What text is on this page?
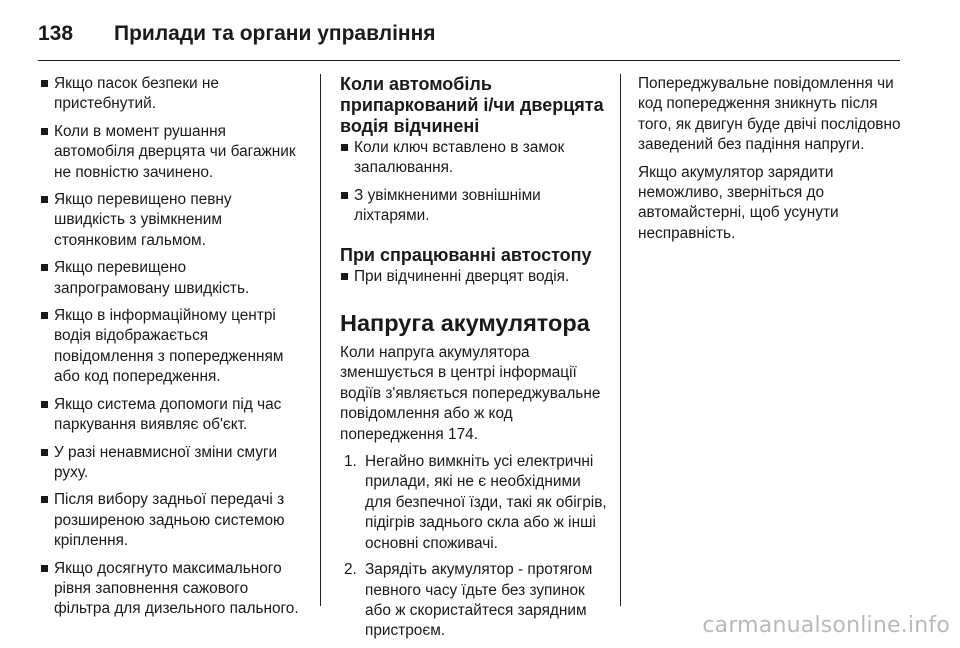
138	Прилади та органи управління
Якщо пасок безпеки не пристебнутий.
Коли в момент рушання автомобіля дверцята чи багажник не повністю зачинено.
Якщо перевищено певну швидкість з увімкненим стоянковим гальмом.
Якщо перевищено запрограмовану швидкість.
Якщо в інформаційному центрі водія відображається повідомлення з попередженням або код попередження.
Якщо система допомоги під час паркування виявляє об'єкт.
У разі ненавмисної зміни смуги руху.
Після вибору задньої передачі з розширеною задньою системою кріплення.
Якщо досягнуто максимального рівня заповнення сажового фільтра для дизельного пального.
Коли автомобіль припаркований і/чи дверцята водія відчинені
Коли ключ вставлено в замок запалювання.
З увімкненими зовнішніми ліхтарями.
При спрацюванні автостопу
При відчиненні дверцят водія.
Напруга акумулятора

Коли напруга акумулятора зменшується в центрі інформації водіїв з'являється попереджувальне повідомлення або ж код попередження 174.

1. Негайно вимкніть усі електричні прилади, які не є необхідними для безпечної їзди, такі як обігрів, підігрів заднього скла або ж інші основні споживачі.
2. Зарядіть акумулятор - протягом певного часу їдьте без зупинок або ж скористайтеся зарядним пристроєм.

Попереджувальне повідомлення чи код попередження зникнуть після того, як двигун буде двічі послідовно заведений без падіння напруги.

Якщо акумулятор зарядити неможливо, зверніться до автомайстерні, щоб усунути несправність.

carmanualsonline.info
